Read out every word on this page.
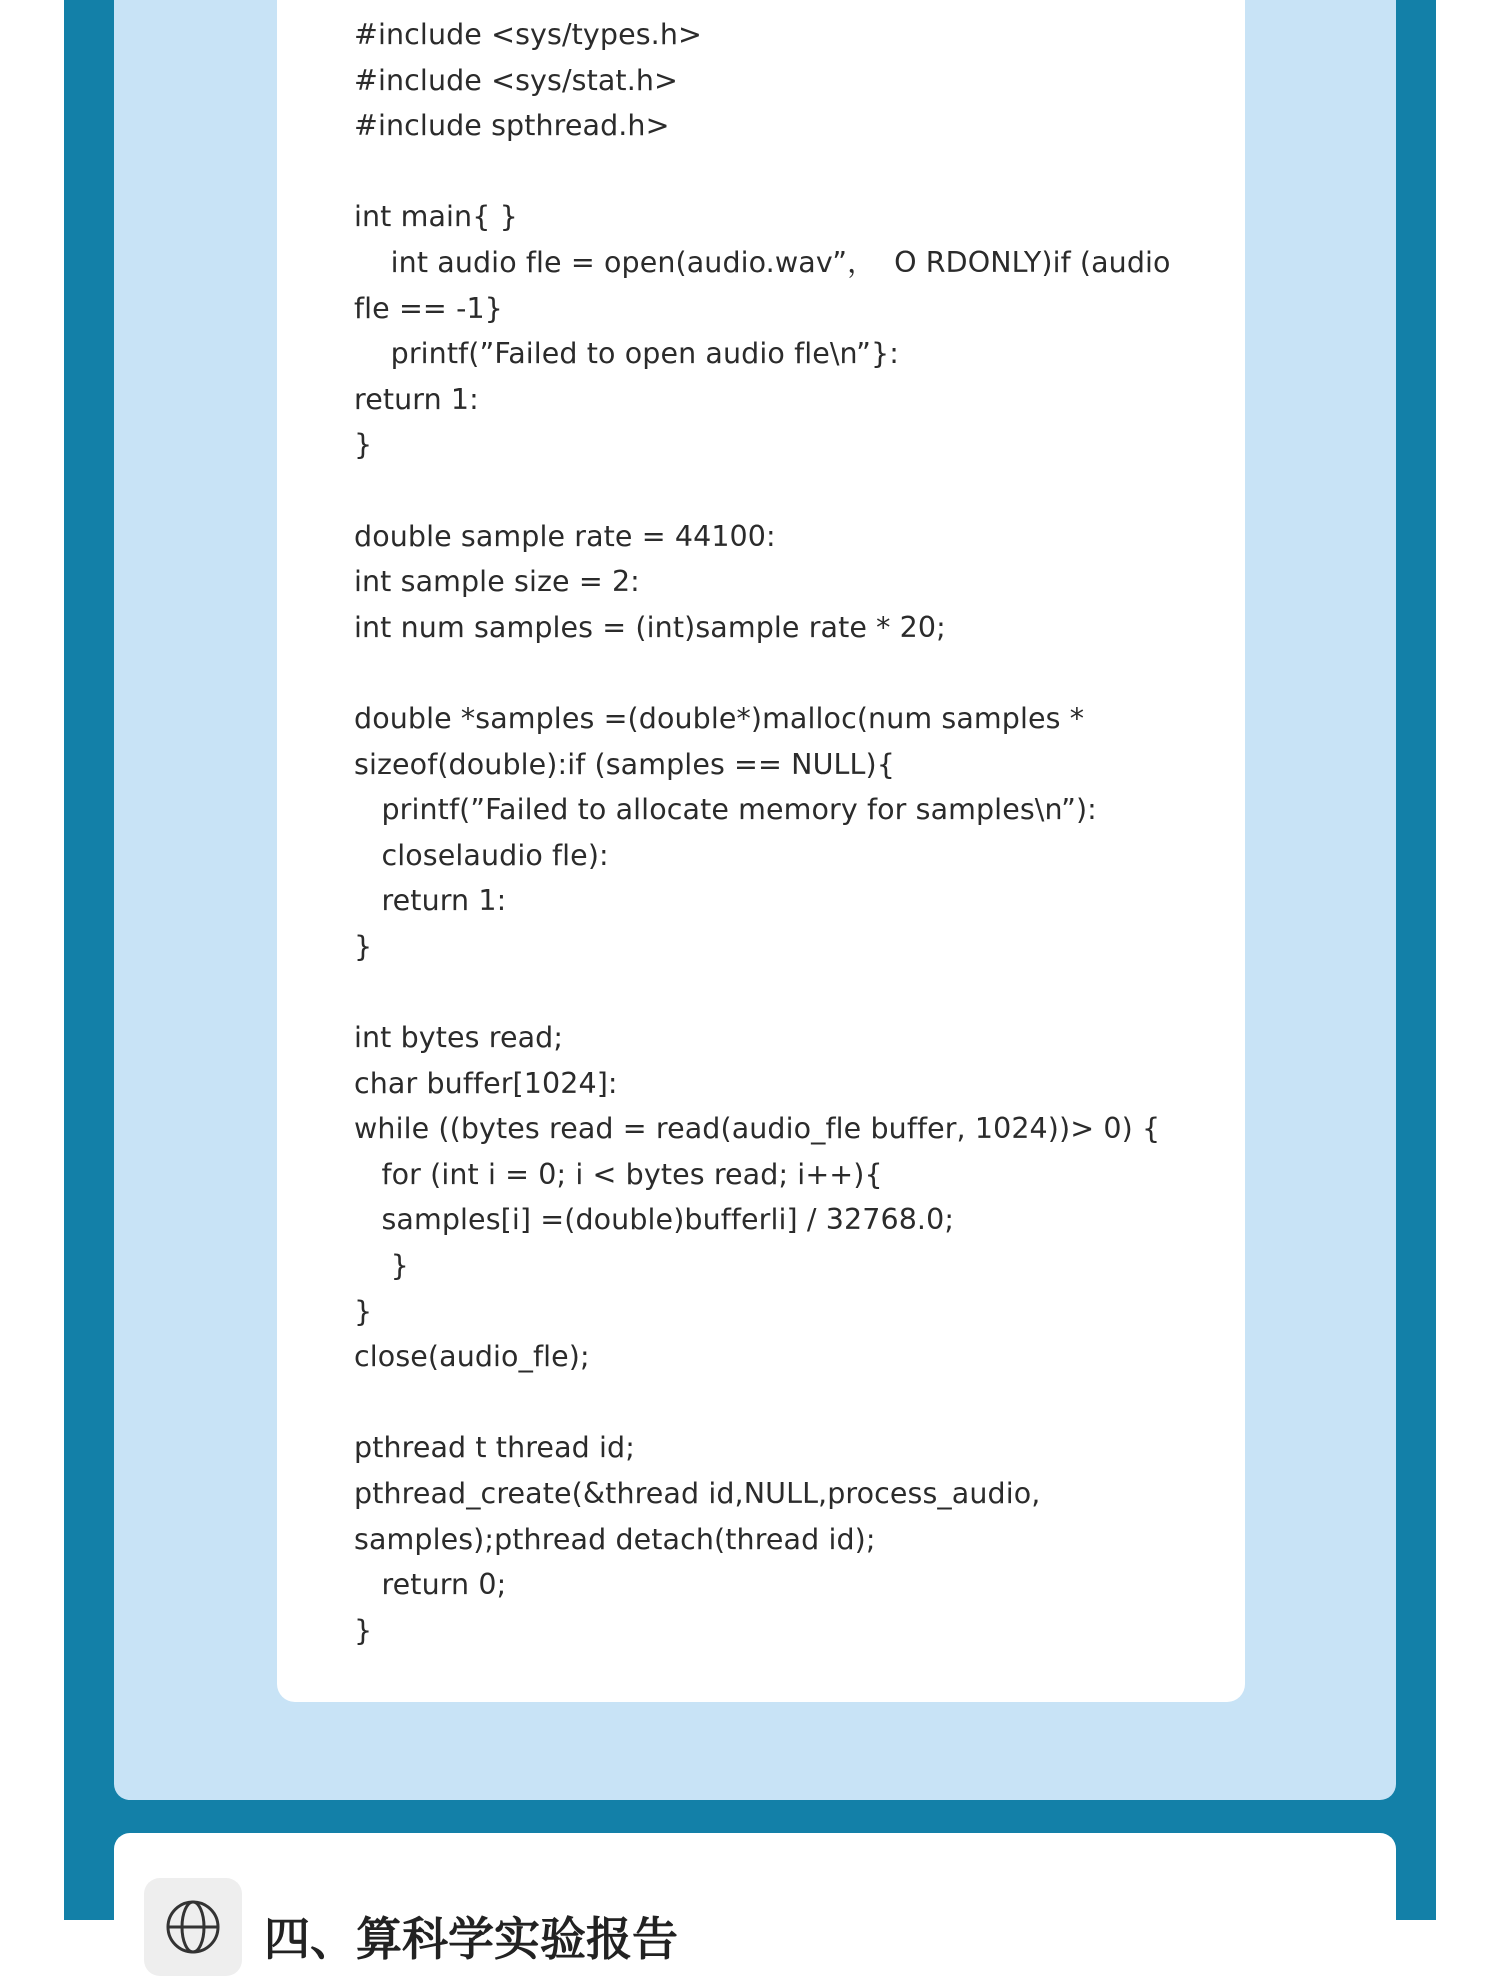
#include <sys/types.h>
#include <sys/stat.h>
#include spthread.h>
int main{ }
int audio fle = open(audio.wav”，  O RDONLY)if (audio
fle == -1}
printf(”Failed to open audio fle\n”}:
return 1:
}
double sample rate = 44100:
int sample size = 2:
int num samples = (int)sample rate * 20;
double *samples =(double*)malloc(num samples *
sizeof(double):if (samples == NULL){
printf(”Failed to allocate memory for samples\n”):
closelaudio fle):
return 1:
}
int bytes read;
char buffer[1024]:
while ((bytes read = read(audio_fle buffer, 1024))> 0) {
for (int i = 0; i < bytes read; i++){
samples[i] =(double)bufferli] / 32768.0;
}
}
close(audio_fle);
pthread t thread id;
pthread_create(&thread id,NULL,process_audio,
samples);pthread detach(thread id);
return 0;
}
四、算科学实验报告
